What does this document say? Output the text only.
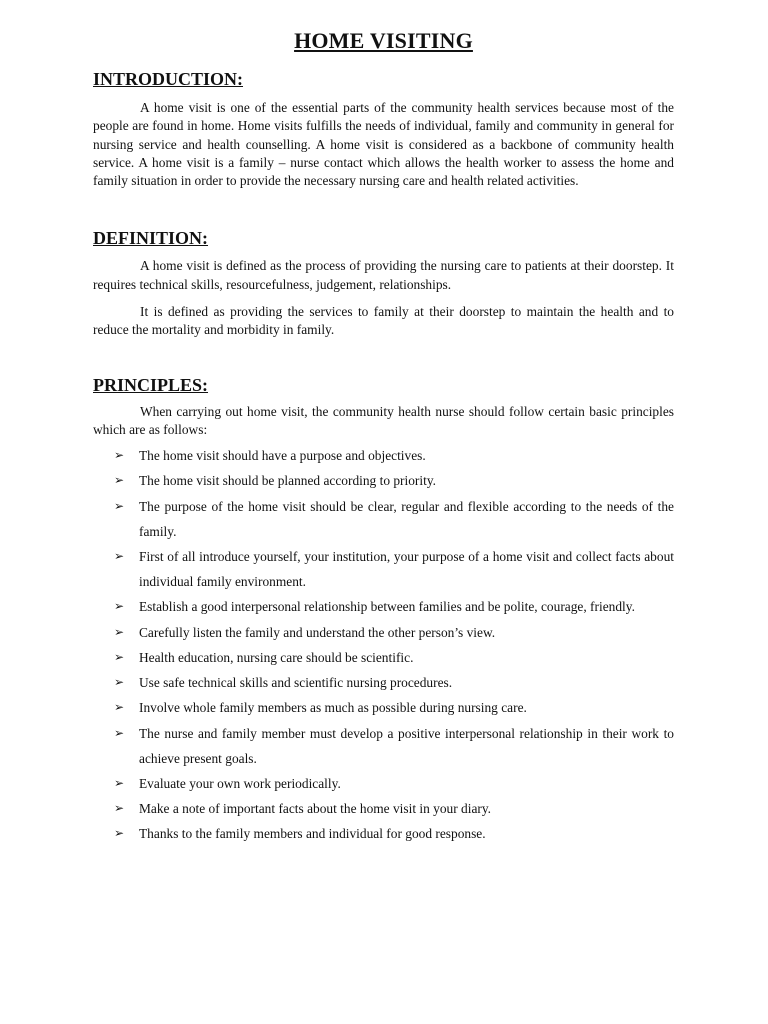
HOME VISITING
INTRODUCTION:

A home visit is one of the essential parts of the community health services because most of the people are found in home. Home visits fulfills the needs of individual, family and community in general for nursing service and health counselling. A home visit is considered as a backbone of community health service. A home visit is a family – nurse contact which allows the health worker to assess the home and family situation in order to provide the necessary nursing care and health related activities.

DEFINITION:

A home visit is defined as the process of providing the nursing care to patients at their doorstep. It requires technical skills, resourcefulness, judgement, relationships.

It is defined as providing the services to family at their doorstep to maintain the health and to reduce the mortality and morbidity in family.

PRINCIPLES:

When carrying out home visit, the community health nurse should follow certain basic principles which are as follows:

➢ The home visit should have a purpose and objectives.
➢ The home visit should be planned according to priority.
➢ The purpose of the home visit should be clear, regular and flexible according to the needs of the family.
➢ First of all introduce yourself, your institution, your purpose of a home visit and collect facts about individual family environment.
➢ Establish a good interpersonal relationship between families and be polite, courage, friendly.
➢ Carefully listen the family and understand the other person’s view.
➢ Health education, nursing care should be scientific.
➢ Use safe technical skills and scientific nursing procedures.
➢ Involve whole family members as much as possible during nursing care.
➢ The nurse and family member must develop a positive interpersonal relationship in their work to achieve present goals.
➢ Evaluate your own work periodically.
➢ Make a note of important facts about the home visit in your diary.
➢ Thanks to the family members and individual for good response.
